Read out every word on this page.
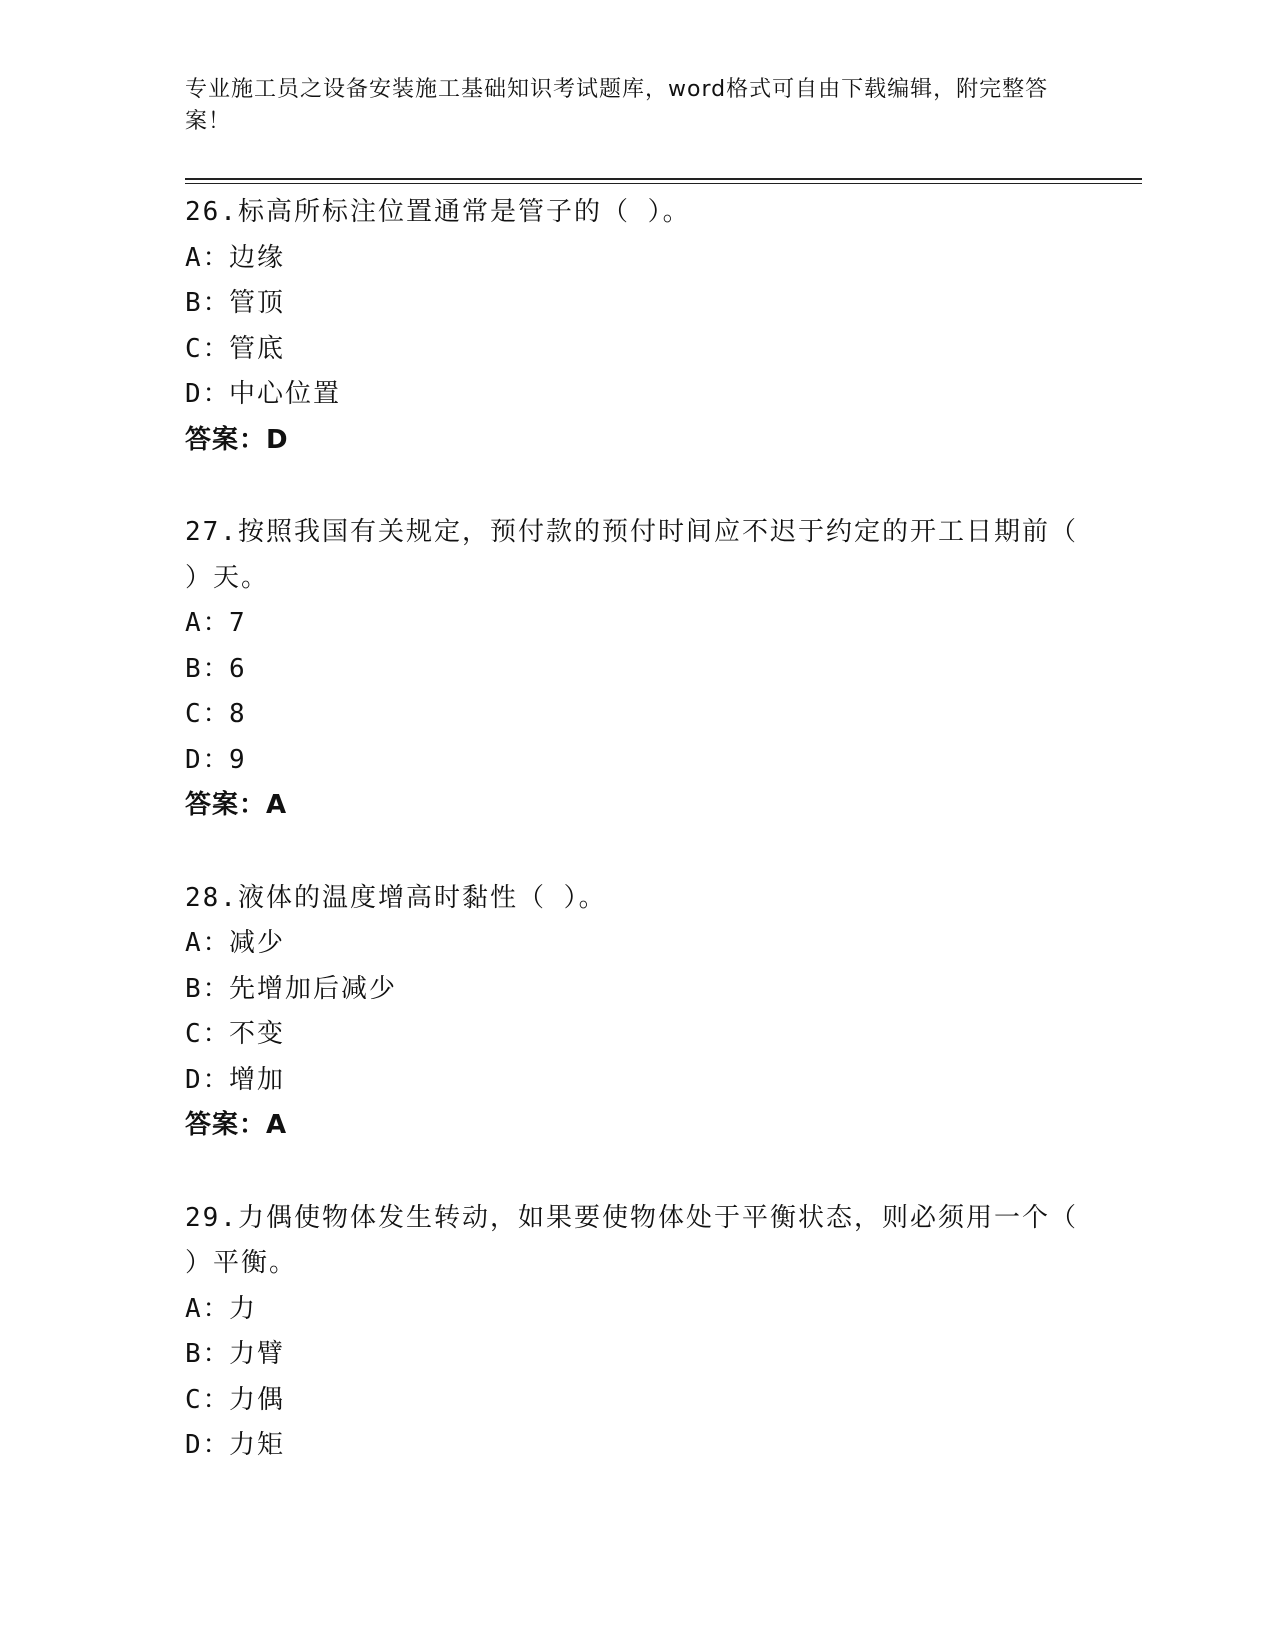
专业施工员之设备安装施工基础知识考试题库，word格式可自由下载编辑，附完整答案！
26.标高所标注位置通常是管子的（ ）。
A：边缘
B：管顶
C：管底
D：中心位置
答案：D
27.按照我国有关规定，预付款的预付时间应不迟于约定的开工日期前（ ）天。
A：7
B：6
C：8
D：9
答案：A
28.液体的温度增高时黏性（ ）。
A：减少
B：先增加后减少
C：不变
D：增加
答案：A
29.力偶使物体发生转动，如果要使物体处于平衡状态，则必须用一个（ ）平衡。
A：力
B：力臂
C：力偶
D：力矩
